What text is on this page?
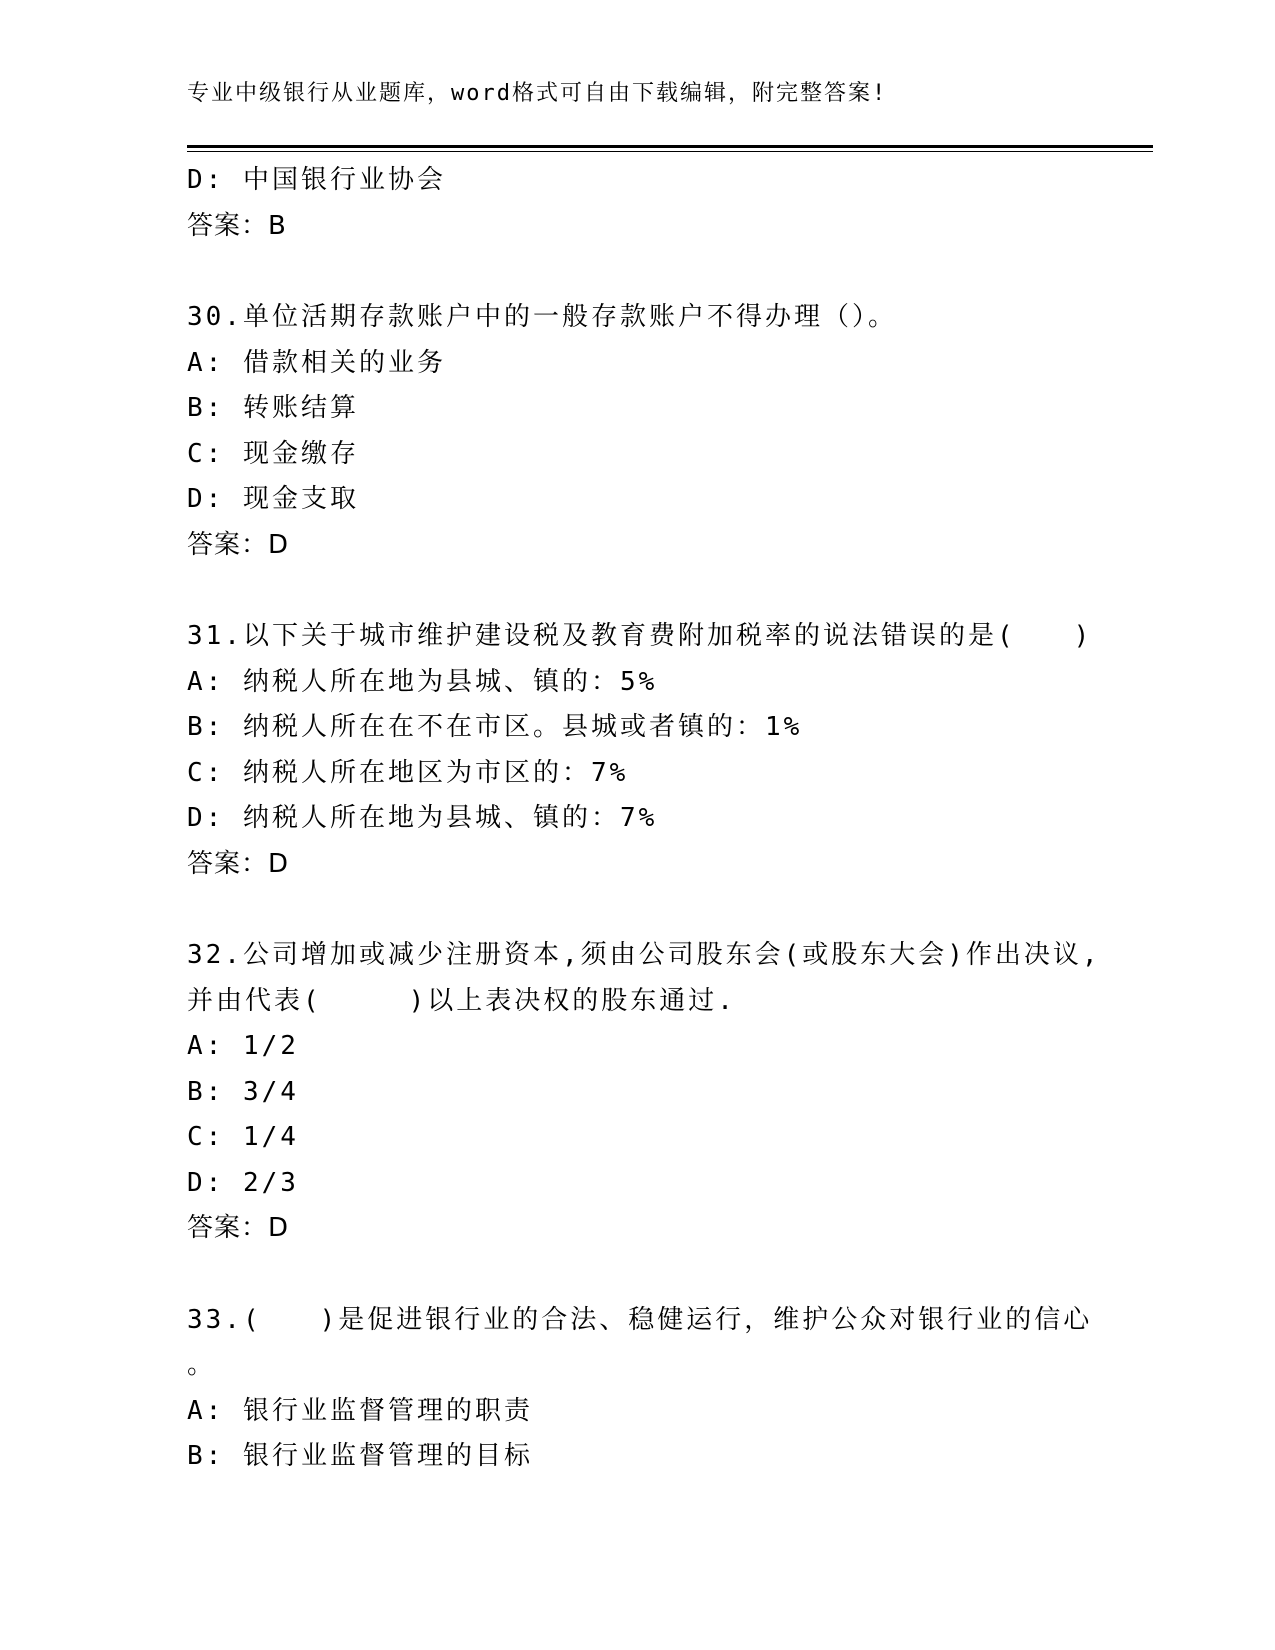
专业中级银行从业题库，word格式可自由下载编辑，附完整答案!
D: 中国银行业协会
答案：B
30.单位活期存款账户中的一般存款账户不得办理（）。
A: 借款相关的业务
B: 转账结算
C: 现金缴存
D: 现金支取
答案：D
31.以下关于城市维护建设税及教育费附加税率的说法错误的是(　　)
A: 纳税人所在地为县城、镇的：5%
B: 纳税人所在在不在市区。县城或者镇的：1%
C: 纳税人所在地区为市区的：7%
D: 纳税人所在地为县城、镇的：7%
答案：D
32.公司增加或减少注册资本,须由公司股东会(或股东大会)作出决议,
并由代表(　　　)以上表决权的股东通过.
A: 1/2
B: 3/4
C: 1/4
D: 2/3
答案：D
33.(　　)是促进银行业的合法、稳健运行，维护公众对银行业的信心
。
A: 银行业监督管理的职责
B: 银行业监督管理的目标
